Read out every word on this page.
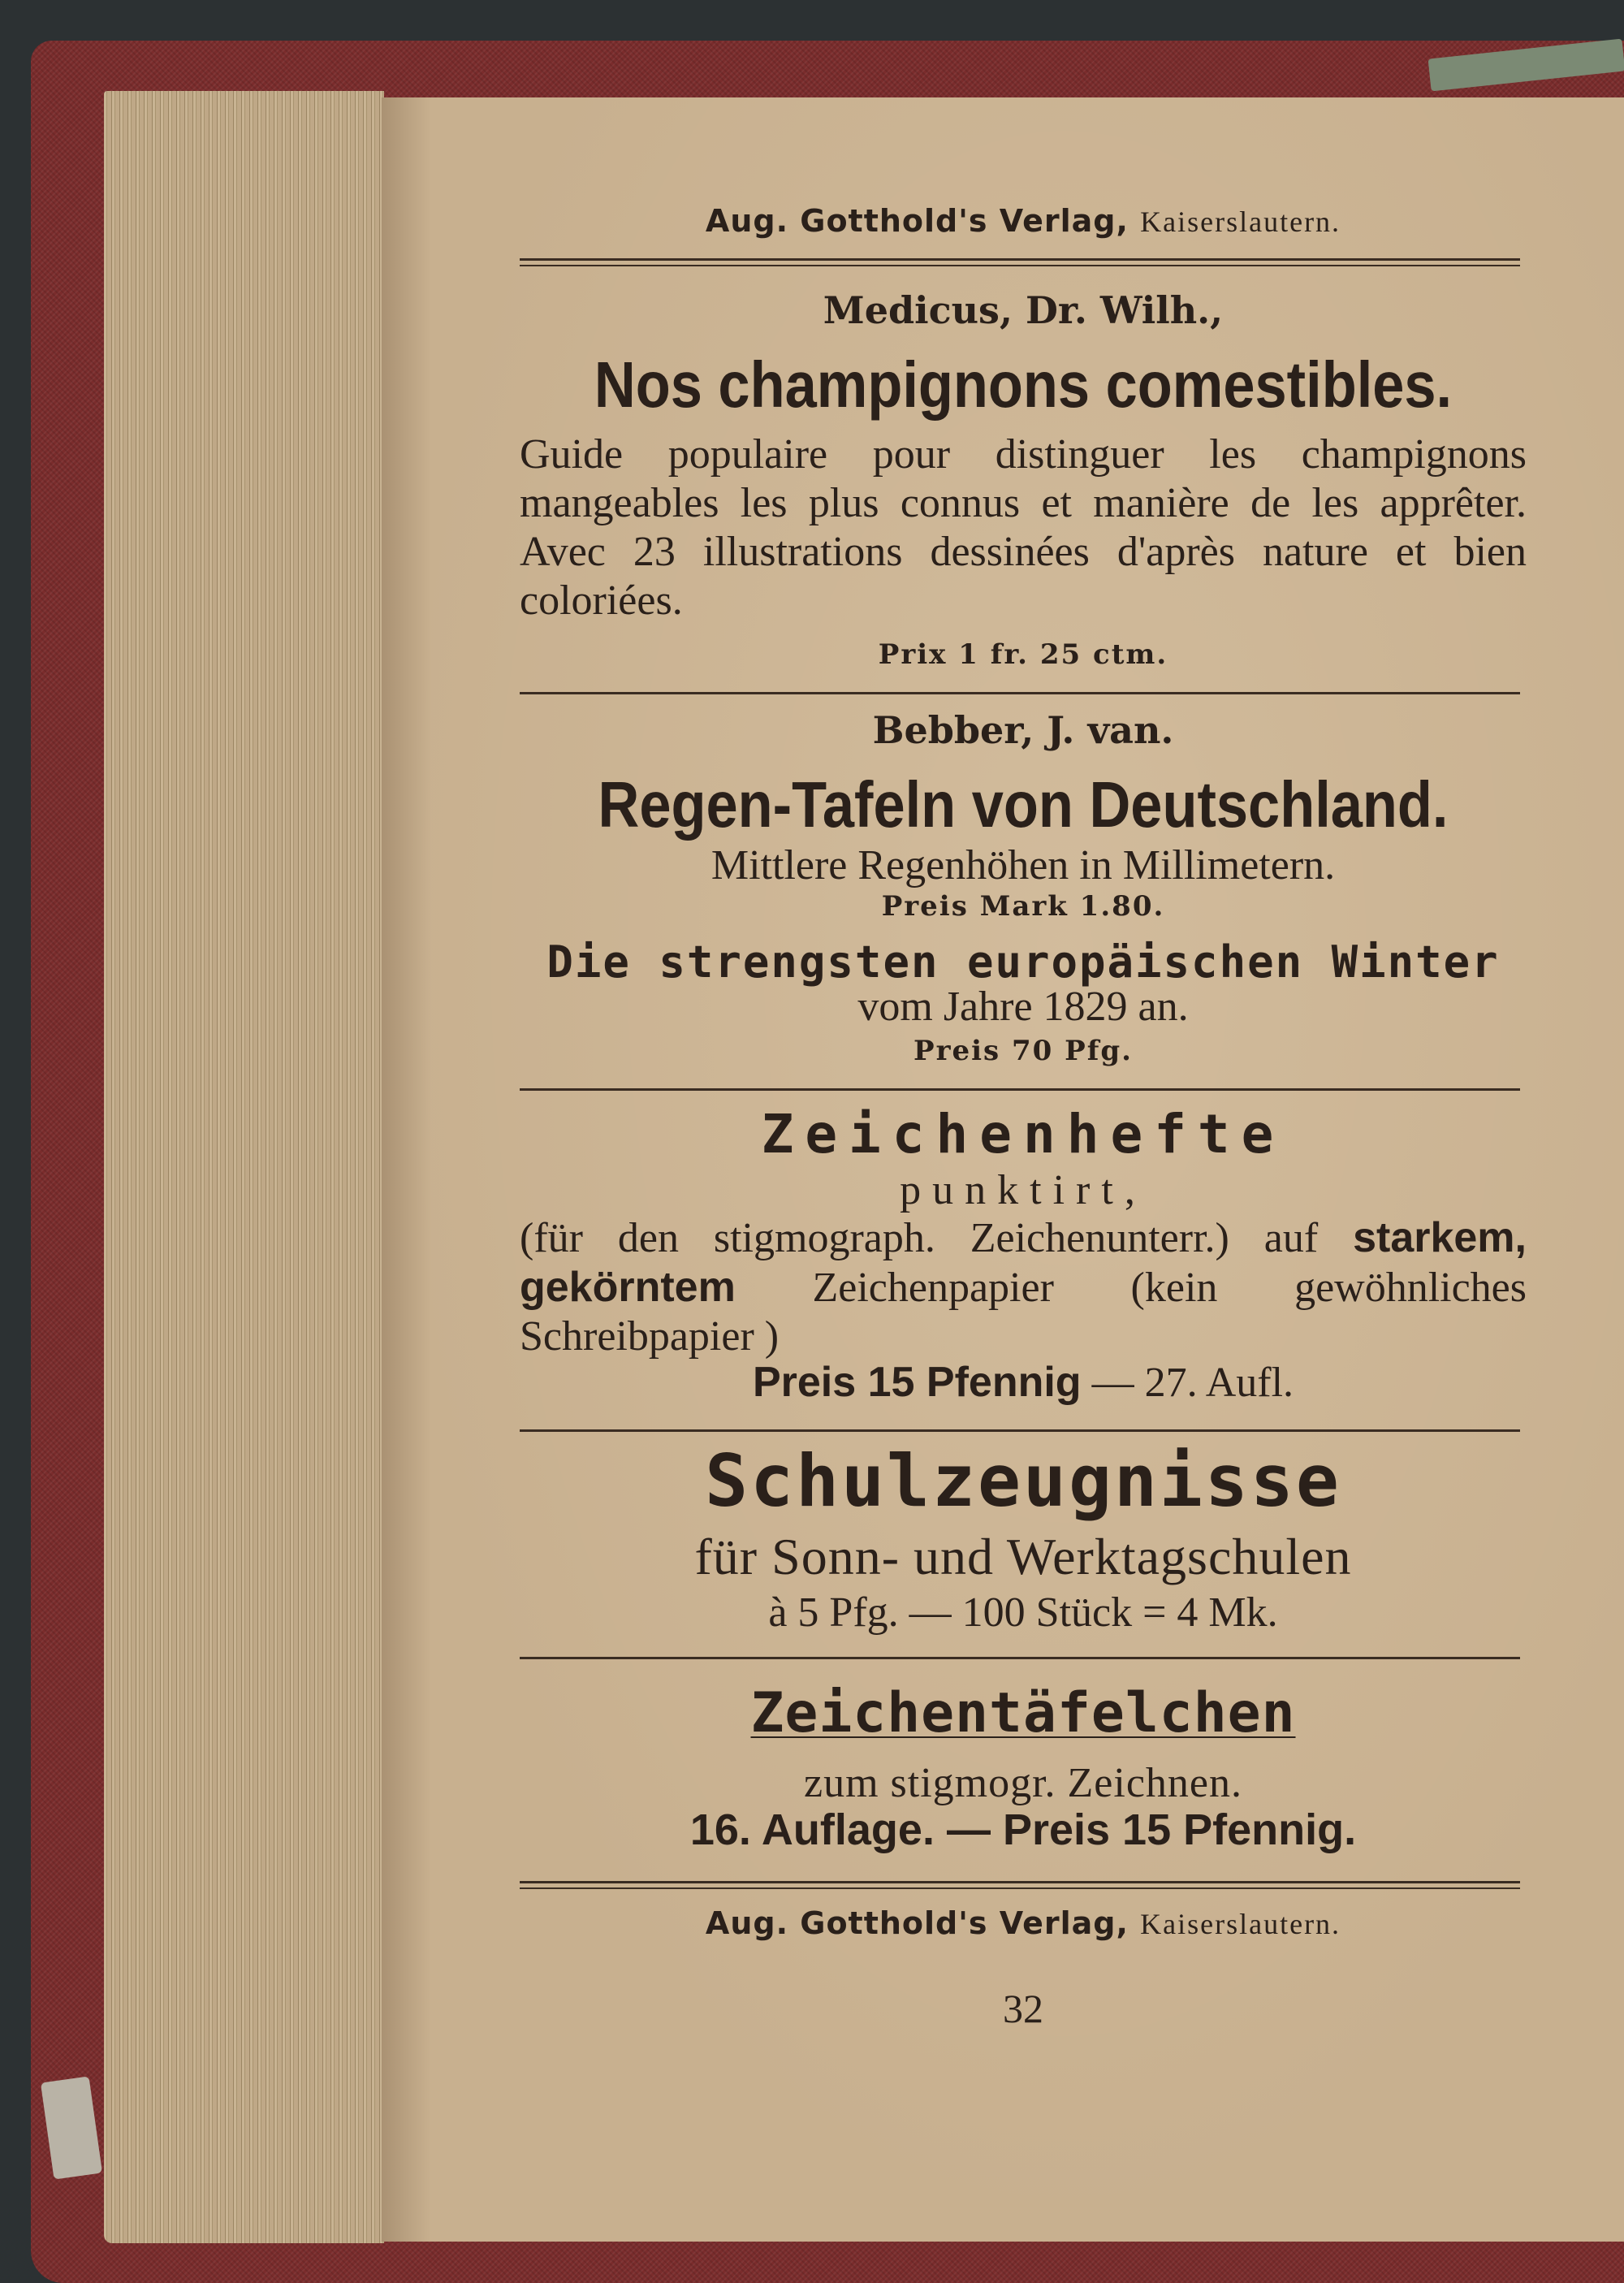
Aug. Gotthold's Verlag, Kaiserslautern.
Medicus, Dr. Wilh.,
Nos champignons comestibles.
Guide populaire pour distinguer les champignons mangeables les plus connus et manière de les apprêter. Avec 23 illustrations dessinées d'après nature et bien coloriées.
Prix 1 fr. 25 ctm.
Bebber, J. van.
Regen-Tafeln von Deutschland.
Mittlere Regenhöhen in Millimetern.
Preis Mark 1.80.
Die strengsten europäischen Winter
vom Jahre 1829 an.
Preis 70 Pfg.
Zeichenhefte
punktirt,
(für den stigmograph. Zeichenunterr.) auf starkem, gekörntem Zeichenpapier (kein gewöhnliches Schreibpapier )
Preis 15 Pfennig — 27. Aufl.
Schulzeugnisse
für Sonn- und Werktagschulen
à 5 Pfg. — 100 Stück = 4 Mk.
Zeichentäfelchen
zum stigmogr. Zeichnen.
16. Auflage. — Preis 15 Pfennig.
Aug. Gotthold's Verlag, Kaiserslautern.
32
